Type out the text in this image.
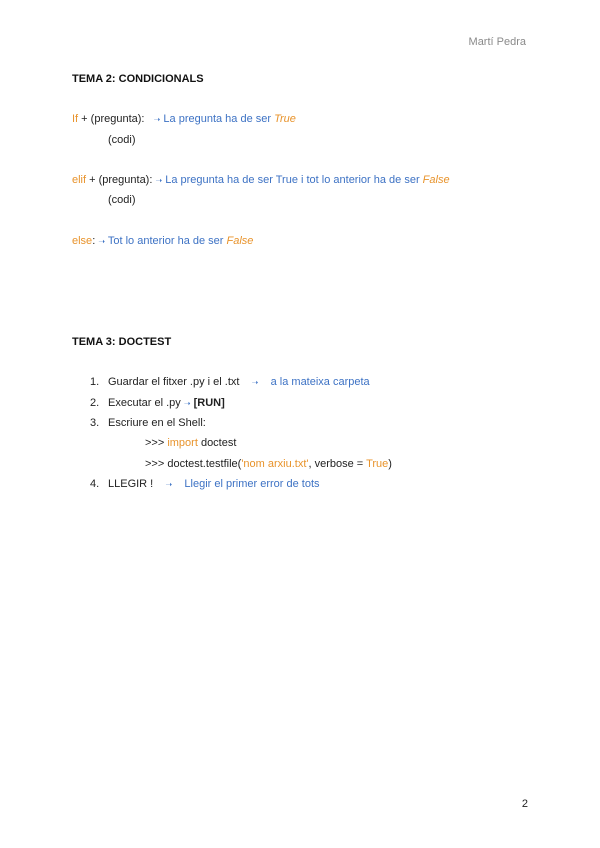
Martí Pedra
TEMA 2: CONDICIONALS
If + (pregunta): ➝ La pregunta ha de ser True
(codi)
elif + (pregunta): ➝ La pregunta ha de ser True i tot lo anterior ha de ser False
(codi)
else: ➝ Tot lo anterior ha de ser False
TEMA 3: DOCTEST
1. Guardar el fitxer .py i el .txt ➝ a la mateixa carpeta
2. Executar el .py ➝ [RUN]
3. Escriure en el Shell:
>>> import doctest
>>> doctest.testfile('nom arxiu.txt', verbose = True)
4. LLEGIR ! ➝ Llegir el primer error de tots
2
